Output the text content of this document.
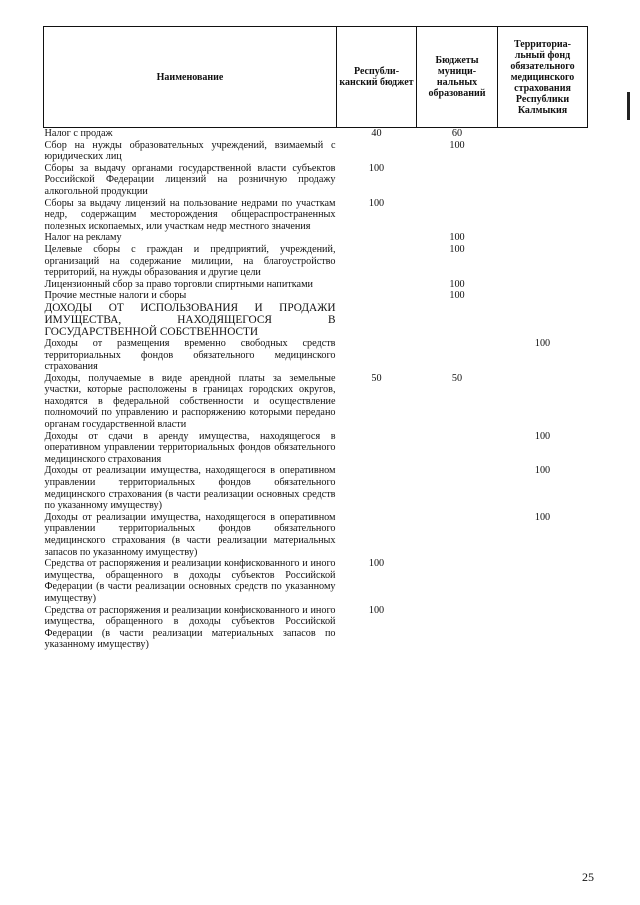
Наименование	Республи-канский бюджет	Бюджеты муници-нальных образований	Территориа-льный фонд обязательного медицинского страхования Республики Калмыкия
Налог с продаж	40	60	
Сбор на нужды образовательных учреждений, взимаемый с юридических лиц		100	
Сборы за выдачу органами государственной власти субъектов Российской Федерации лицензий на розничную продажу алкогольной продукции	100		
Сборы за выдачу лицензий на пользование недрами по участкам недр, содержащим месторождения общераспространенных полезных ископаемых, или участкам недр местного значения	100		
Налог на рекламу		100	
Целевые сборы с граждан и предприятий, учреждений, организаций на содержание милиции, на благоустройство территорий, на нужды образования и другие цели		100	
Лицензионный сбор за право торговли спиртными напитками		100	
Прочие местные налоги и сборы		100	
ДОХОДЫ ОТ ИСПОЛЬЗОВАНИЯ И ПРОДАЖИ ИМУЩЕСТВА, НАХОДЯЩЕГОСЯ В ГОСУДАРСТВЕННОЙ СОБСТВЕННОСТИ			
Доходы от размещения временно свободных средств территориальных фондов обязательного медицинского страхования			100
Доходы, получаемые в виде арендной платы за земельные участки, которые расположены в границах городских округов, находятся в федеральной собственности и осуществление полномочий по управлению и распоряжению которыми передано органам государственной власти	50	50	
Доходы от сдачи в аренду имущества, находящегося в оперативном управлении территориальных фондов обязательного медицинского страхования			100
Доходы от реализации имущества, находящегося в оперативном управлении территориальных фондов обязательного медицинского страхования (в части реализации основных средств по указанному имуществу)			100
Доходы от реализации имущества, находящегося в оперативном управлении территориальных фондов обязательного медицинского страхования (в части реализации материальных запасов по указанному имуществу)			100
Средства от распоряжения и реализации конфискованного и иного имущества, обращенного в доходы субъектов Российской Федерации (в части реализации основных средств по указанному имуществу)	100		
Средства от распоряжения и реализации конфискованного и иного имущества, обращенного в доходы субъектов Российской Федерации (в части реализации материальных запасов по указанному имуществу)	100		
25
